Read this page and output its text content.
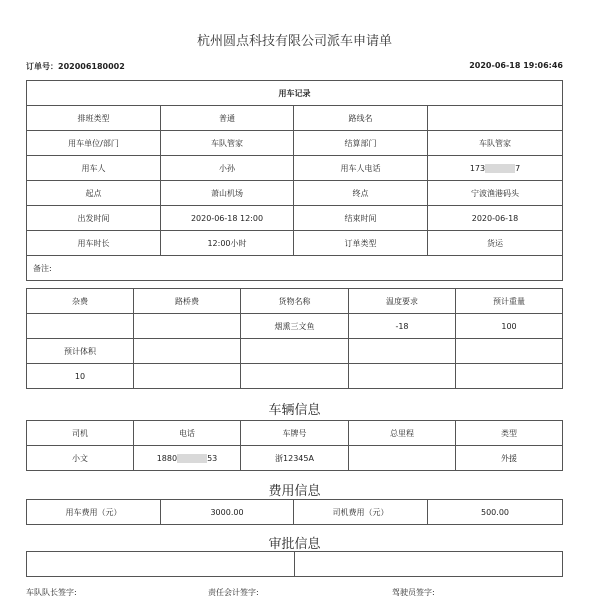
杭州圆点科技有限公司派车申请单
订单号：202006180002	2020-06-18 19:06:46
用车记录			
排班类型	普通	路线名	
用车单位/部门	车队管家	结算部门	车队管家
用车人	小孙	用车人电话	173 7
起点	萧山机场	终点	宁波渔港码头
出发时间	2020-06-18 12:00	结束时间	2020-06-18
用车时长	12:00小时	订单类型	货运
备注:			
杂费	路桥费	货物名称	温度要求	预计重量
		烟熏三文鱼	-18	100
预计体积				
10				
车辆信息
司机	电话	车牌号	总里程	类型
小文	1880 53	浙12345A		外援
费用信息
用车费用（元）	3000.00	司机费用（元）	500.00
审批信息

车队队长签字:	责任会计签字:	驾驶员签字:
